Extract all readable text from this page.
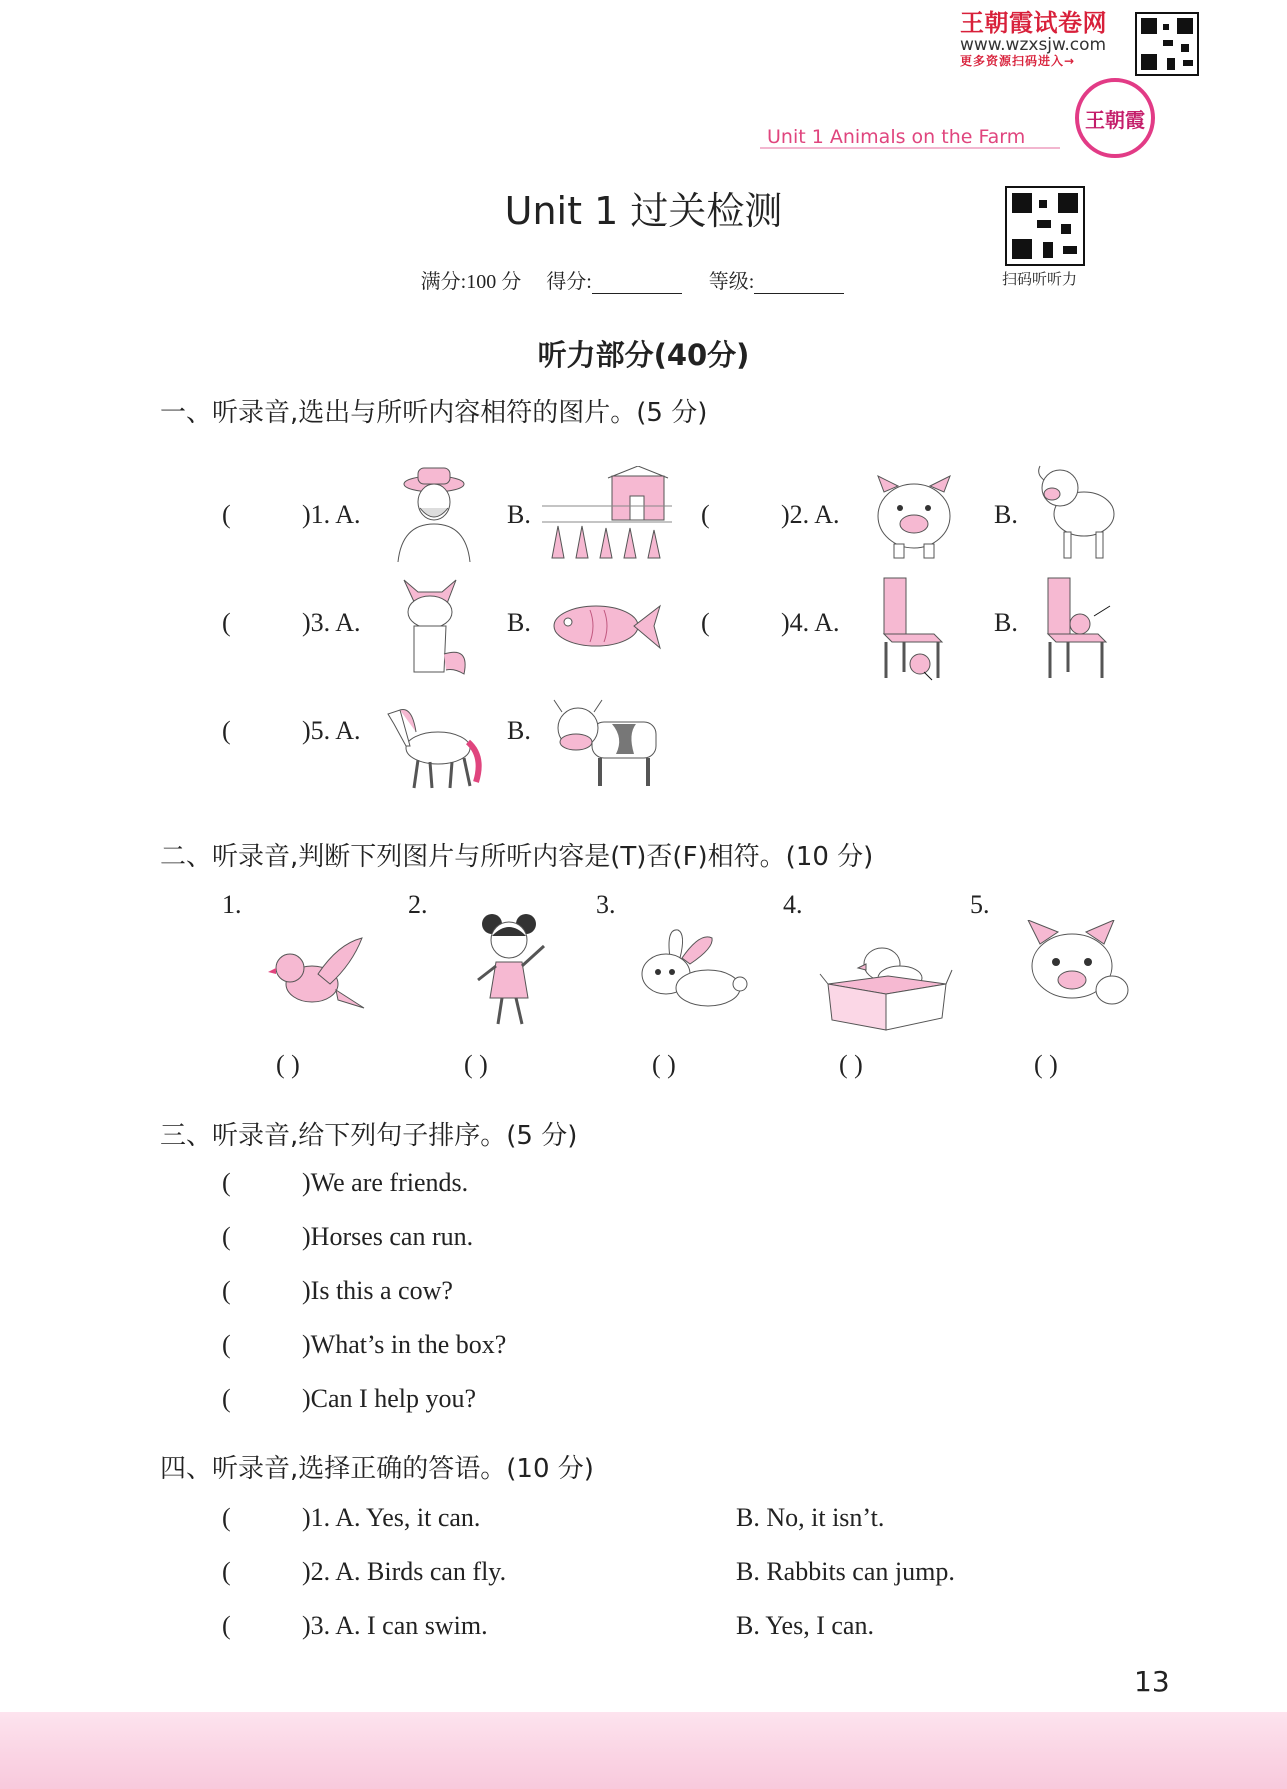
王朝霞试卷网
www.wzxsjw.com
更多资源扫码进入→
王朝霞
Unit 1 Animals on the Farm
Unit 1 过关检测
满分:100 分 得分:	等级:	扫码听听力
听力部分(40分)
一、听录音,选出与所听内容相符的图片。(5 分)
(	)1. A.	B.	(	)2. A.	B.
(	)3. A.	B.	(	)4. A.	B.
(	)5. A.	B.
二、听录音,判断下列图片与所听内容是(T)否(F)相符。(10 分)
1.	2.	3.	4.	5.
( )	( )	( )	( )	( )
三、听录音,给下列句子排序。(5 分)
(	)We are friends.
(	)Horses can run.
(	)Is this a cow?
(	)What’s in the box?
(	)Can I help you?
四、听录音,选择正确的答语。(10 分)
(	)1. A. Yes, it can.	B. No, it isn’t.
(	)2. A. Birds can fly.	B. Rabbits can jump.
(	)3. A. I can swim.	B. Yes, I can.
13
